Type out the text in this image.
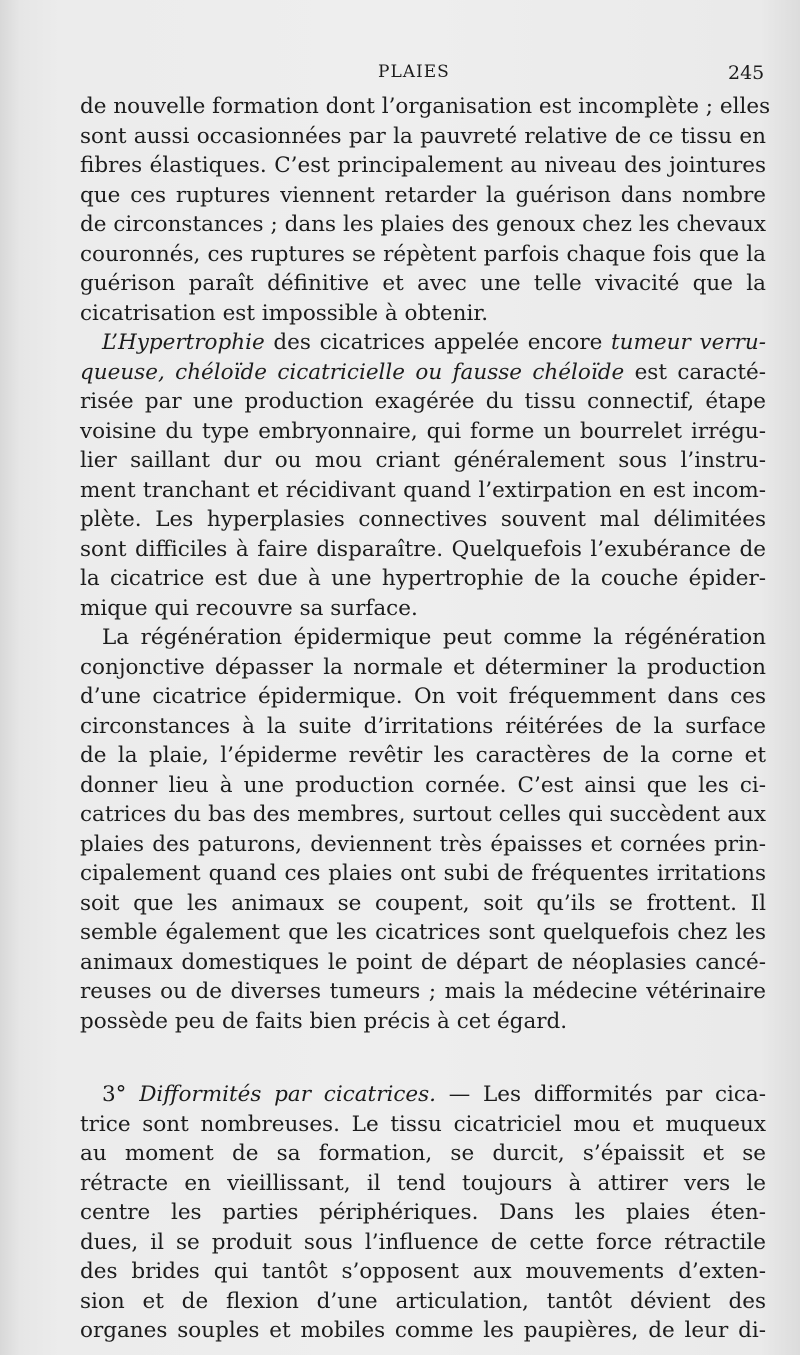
PLAIES	245
de nouvelle formation dont l’organisation est incomplète ; elles
sont aussi occasionnées par la pauvreté relative de ce tissu en
fibres élastiques. C’est principalement au niveau des jointures
que ces ruptures viennent retarder la guérison dans nombre
de circonstances ; dans les plaies des genoux chez les chevaux
couronnés, ces ruptures se répètent parfois chaque fois que la
guérison paraît définitive et avec une telle vivacité que la
cicatrisation est impossible à obtenir.
L’Hypertrophie des cicatrices appelée encore tumeur verru-
queuse, chéloïde cicatricielle ou fausse chéloïde est caracté-
risée par une production exagérée du tissu connectif, étape
voisine du type embryonnaire, qui forme un bourrelet irrégu-
lier saillant dur ou mou criant généralement sous l’instru-
ment tranchant et récidivant quand l’extirpation en est incom-
plète. Les hyperplasies connectives souvent mal délimitées
sont difficiles à faire disparaître. Quelquefois l’exubérance de
la cicatrice est due à une hypertrophie de la couche épider-
mique qui recouvre sa surface.
La régénération épidermique peut comme la régénération
conjonctive dépasser la normale et déterminer la production
d’une cicatrice épidermique. On voit fréquemment dans ces
circonstances à la suite d’irritations réitérées de la surface
de la plaie, l’épiderme revêtir les caractères de la corne et
donner lieu à une production cornée. C’est ainsi que les ci-
catrices du bas des membres, surtout celles qui succèdent aux
plaies des paturons, deviennent très épaisses et cornées prin-
cipalement quand ces plaies ont subi de fréquentes irritations
soit que les animaux se coupent, soit qu’ils se frottent. Il
semble également que les cicatrices sont quelquefois chez les
animaux domestiques le point de départ de néoplasies cancé-
reuses ou de diverses tumeurs ; mais la médecine vétérinaire
possède peu de faits bien précis à cet égard.
3° Difformités par cicatrices. — Les difformités par cica-
trice sont nombreuses. Le tissu cicatriciel mou et muqueux
au moment de sa formation, se durcit, s’épaissit et se
rétracte en vieillissant, il tend toujours à attirer vers le
centre les parties périphériques. Dans les plaies éten-
dues, il se produit sous l’influence de cette force rétractile
des brides qui tantôt s’opposent aux mouvements d’exten-
sion et de flexion d’une articulation, tantôt dévient des
organes souples et mobiles comme les paupières, de leur di-
